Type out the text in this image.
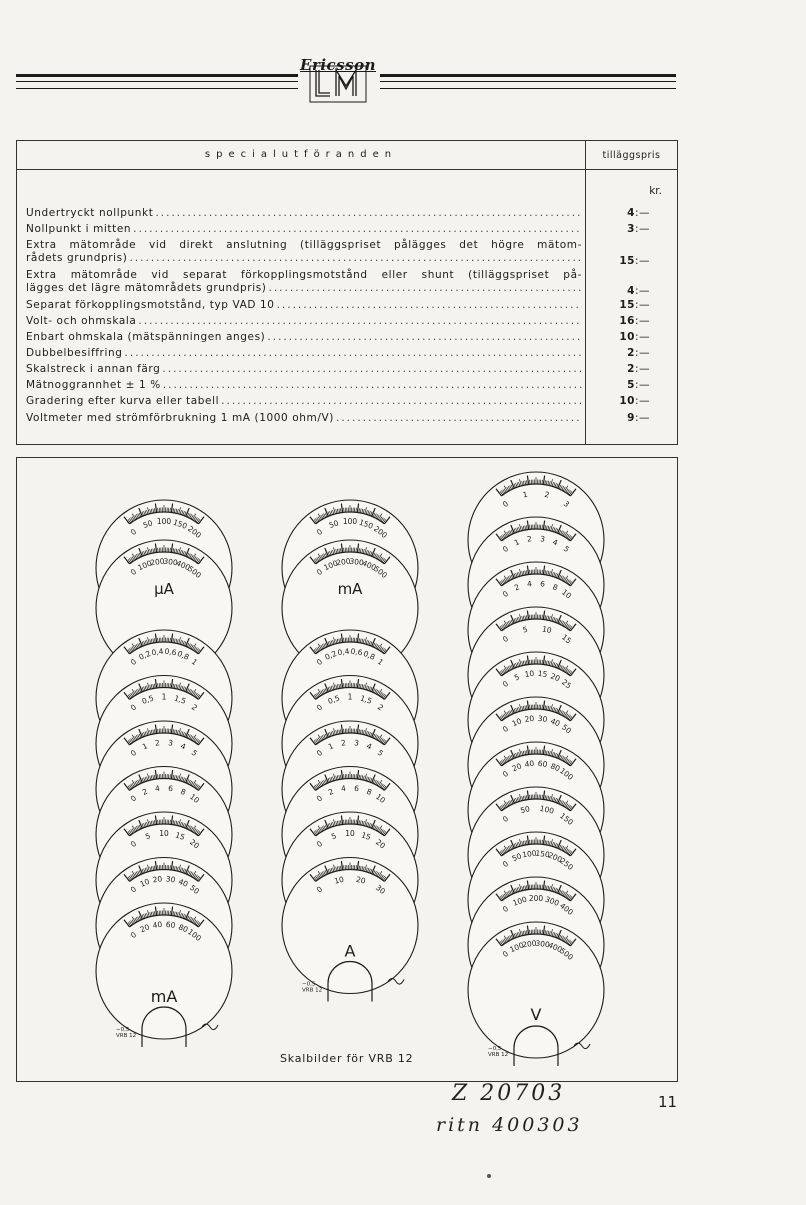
Ericsson
specialutföranden	tilläggspris
kr.
Undertryckt nollpunkt .....	4:—
Nollpunkt i mitten .....	3:—
Extra mätområde vid direkt anslutning (tilläggspriset pålägges det högre mätom-
rådets grundpris) .....	15:—
Extra mätområde vid separat förkopplingsmotstånd eller shunt (tilläggspriset på-
lägges det lägre mätområdets grundpris) .....	4:—
Separat förkopplingsmotstånd, typ VAD 10 .....	15:—
Volt- och ohmskala .....	16:—
Enbart ohmskala (mätspänningen anges) .....	10:—
Dubbelbesiffring .....	2:—
Skalstreck i annan färg .....	2:—
Mätnoggrannhet ± 1 % .....	5:—
Gradering efter kurva eller tabell .....	10:—
Voltmeter med strömförbrukning 1 mA (1000 ohm/V) .....	9:—
0
50 100 150
200
0
100
200
300
400
500
µA
0
0,2
0,4 0,6
0,8
1
0
0,5 1 1,5
2
0
1 2 3 4
5
0
2 4 6 8
10
0
5 10 15
20
0
10 20 30 40
50
0
20 40 60 80
100
mA
−0,5 VRB 12
0
50 100 150
200
0
100
200
300
400
500
mA
0
0,2
0,4 0,6
0,8
1
0
0,5 1 1,5
2
0
1 2 3 4
5
0
2 4 6 8
10
0
5 10 15
20
0
10 20
30
A
−0,5 VRB 12
0
1 2
3
0
1 2 3 4
5
0
2 4 6 8
10
0
5 10
15
0
5 10 15 20
25
0
10 20 30 40
50
0
20 40 60 80
100
0
50 100
150
0
50
100
150
200
250
0
100 200 300
400
0
100
200
300
400
500
V
−0,5 VRB 12
Skalbilder för VRB 12
Z 20703
ritn 400303
11
